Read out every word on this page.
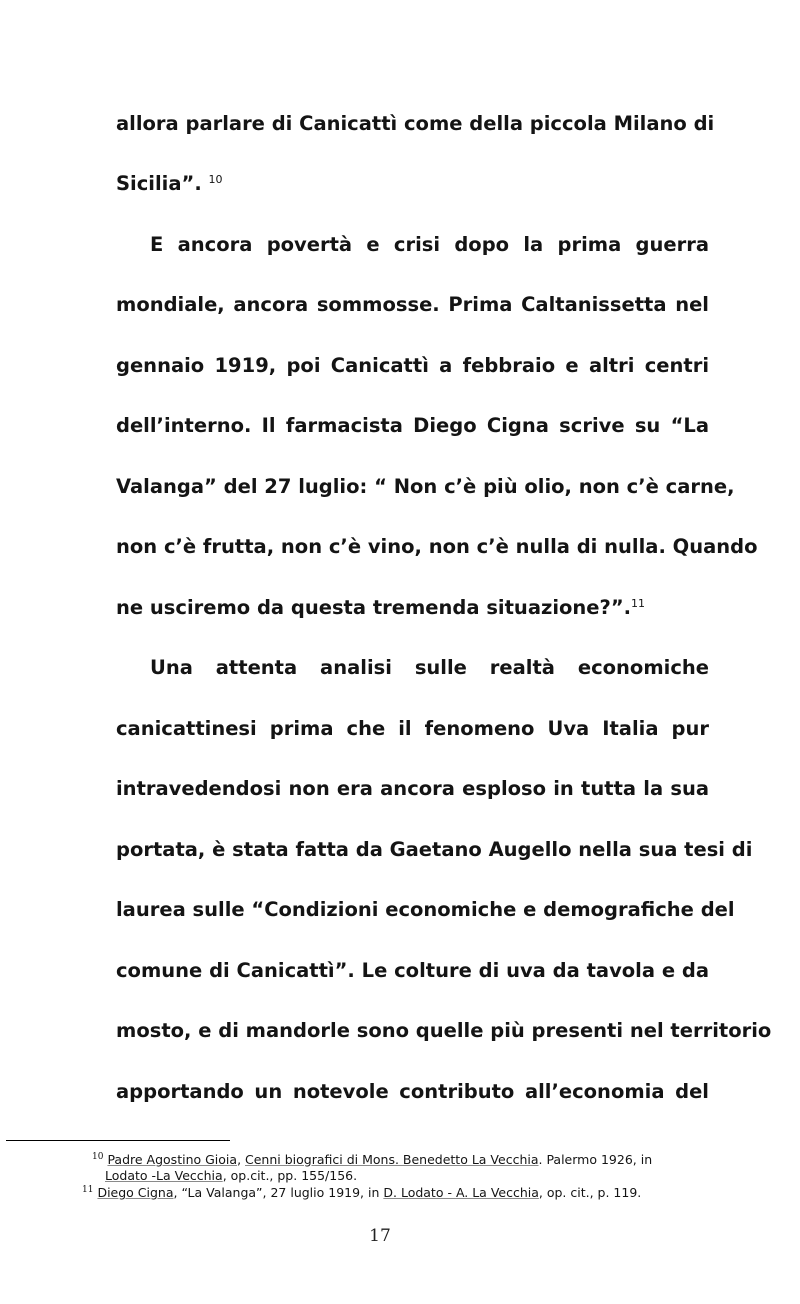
allora parlare di Canicattì come della piccola Milano di
Sicilia”. $^{10}$
E ancora povertà e crisi dopo la prima guerra
mondiale, ancora sommosse. Prima Caltanissetta nel
gennaio 1919, poi Canicattì a febbraio e altri centri
dell’interno. Il farmacista Diego Cigna scrive su “La
Valanga” del 27 luglio: “ Non c’è più olio, non c’è carne,
non c’è frutta, non c’è vino, non c’è nulla di nulla. Quando
ne usciremo da questa tremenda situazione?”.$^{11}$
Una attenta analisi sulle realtà economiche
canicattinesi prima che il fenomeno Uva Italia pur
intravedendosi non era ancora esploso in tutta la sua
portata, è stata fatta da Gaetano Augello nella sua tesi di
laurea sulle “Condizioni economiche e demografiche del
comune di Canicattì”. Le colture di uva da tavola e da
mosto, e di mandorle sono quelle più presenti nel territorio
apportando un notevole contributo all’economia del
$^{10}$ Padre Agostino Gioia, Cenni biografici di Mons. Benedetto La Vecchia. Palermo 1926, in
Lodato -La Vecchia, op.cit., pp. 155/156.
$^{11}$ Diego Cigna, “La Valanga”, 27 luglio 1919, in D. Lodato - A. La Vecchia, op. cit., p. 119.
17
